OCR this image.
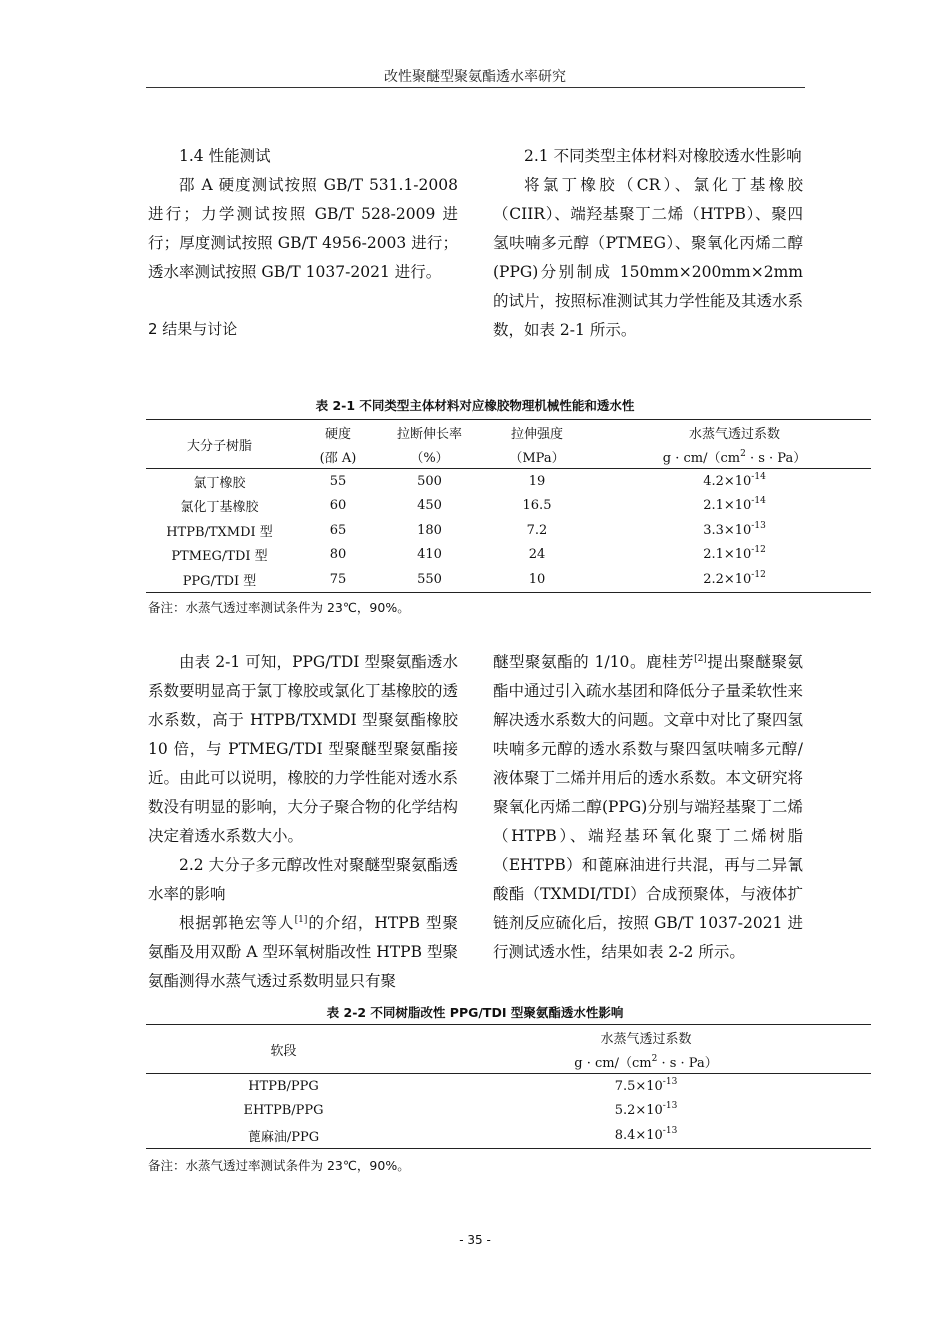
改性聚醚型聚氨酯透水率研究

1.4 性能测试

邵 A 硬度测试按照 GB/T 531.1-2008 进行；力学测试按照 GB/T 528-2009 进行；厚度测试按照 GB/T 4956-2003 进行；透水率测试按照 GB/T 1037-2021 进行。

2 结果与讨论

2.1 不同类型主体材料对橡胶透水性影响

将氯丁橡胶（CR）、氯化丁基橡胶（CIIR）、端羟基聚丁二烯（HTPB）、聚四氢呋喃多元醇（PTMEG）、聚氧化丙烯二醇(PPG)分别制成 150mm×200mm×2mm 的试片，按照标准测试其力学性能及其透水系数，如表 2-1 所示。

表 2-1 不同类型主体材料对应橡胶物理机械性能和透水性
大分子树脂	硬度	拉断伸长率	拉伸强度	水蒸气透过系数
	(邵 A)	（%）	（MPa）	$g \cdot cm/(cm^2 \cdot s \cdot Pa)$
氯丁橡胶	55	500	19	$4.2\times 10^{-14}$
氯化丁基橡胶	60	450	16.5	$2.1\times 10^{-14}$
HTPB/TXMDI 型	65	180	7.2	$3.3\times 10^{-13}$
PTMEG/TDI 型	80	410	24	$2.1\times 10^{-12}$
PPG/TDI 型	75	550	10	$2.2\times 10^{-12}$
备注：水蒸气透过率测试条件为 23℃，90%。

由表 2-1 可知，PPG/TDI 型聚氨酯透水系数要明显高于氯丁橡胶或氯化丁基橡胶的透水系数，高于 HTPB/TXMDI 型聚氨酯橡胶 10 倍，与 PTMEG/TDI 型聚醚型聚氨酯接近。由此可以说明，橡胶的力学性能对透水系数没有明显的影响，大分子聚合物的化学结构决定着透水系数大小。

2.2 大分子多元醇改性对聚醚型聚氨酯透水率的影响

根据郭艳宏等人[1]的介绍，HTPB 型聚氨酯及用双酚 A 型环氧树脂改性 HTPB 型聚氨酯测得水蒸气透过系数明显只有聚

醚型聚氨酯的 1/10。鹿桂芳[2]提出聚醚聚氨酯中通过引入疏水基团和降低分子量柔软性来解决透水系数大的问题。文章中对比了聚四氢呋喃多元醇的透水系数与聚四氢呋喃多元醇/液体聚丁二烯并用后的透水系数。本文研究将聚氧化丙烯二醇(PPG)分别与端羟基聚丁二烯（HTPB）、端羟基环氧化聚丁二烯树脂（EHTPB）和蓖麻油进行共混，再与二异氰酸酯（TXMDI/TDI）合成预聚体，与液体扩链剂反应硫化后，按照 GB/T 1037-2021 进行测试透水性，结果如表 2-2 所示。

表 2-2 不同树脂改性 PPG/TDI 型聚氨酯透水性影响
软段	水蒸气透过系数
	$g \cdot cm/(cm^2 \cdot s \cdot Pa)$
HTPB/PPG	$7.5\times 10^{-13}$
EHTPB/PPG	$5.2\times 10^{-13}$
蓖麻油/PPG	$8.4\times 10^{-13}$
备注：水蒸气透过率测试条件为 23℃，90%。
- 35 -
